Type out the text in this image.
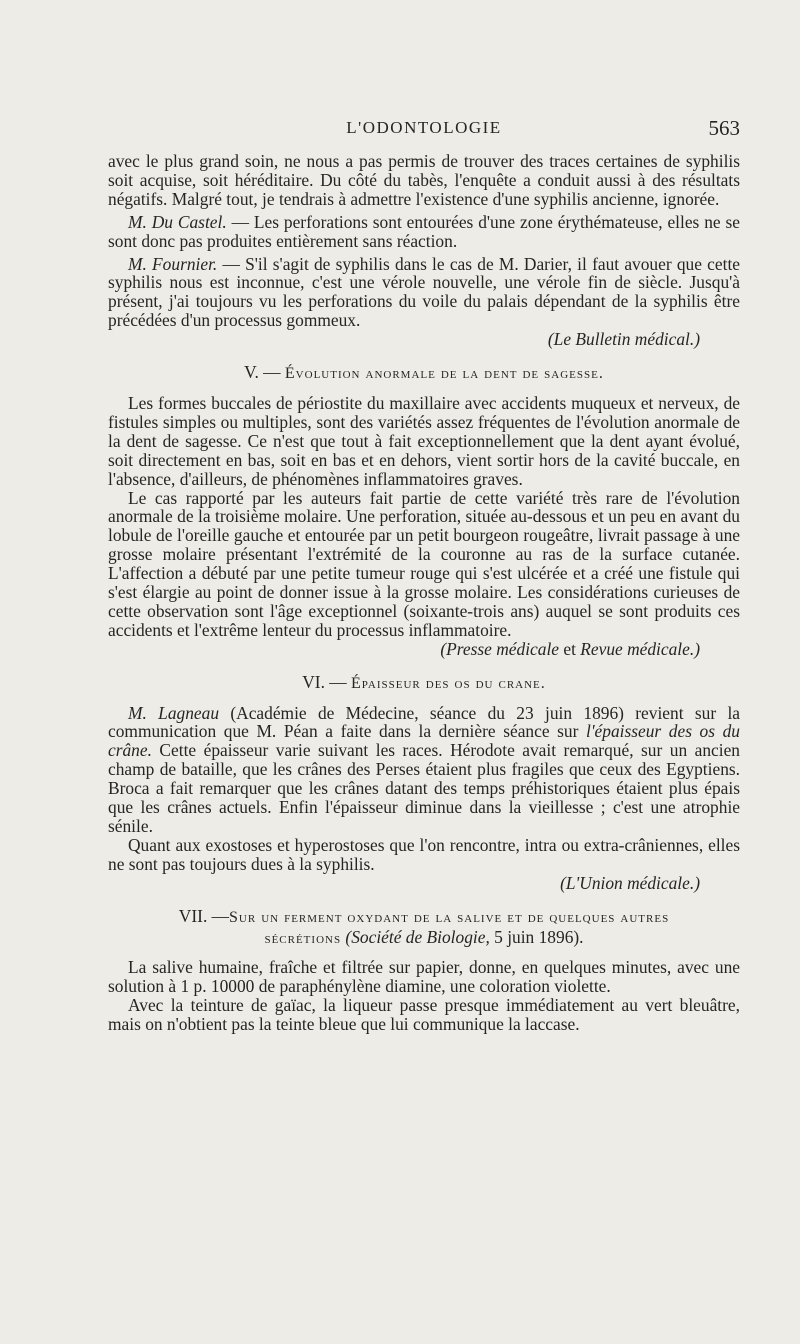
L'ODONTOLOGIE	563

avec le plus grand soin, ne nous a pas permis de trouver des traces certaines de syphilis soit acquise, soit héréditaire. Du côté du tabès, l'enquête a conduit aussi à des résultats négatifs. Malgré tout, je tendrais à admettre l'existence d'une syphilis ancienne, ignorée.

M. Du Castel. — Les perforations sont entourées d'une zone érythémateuse, elles ne se sont donc pas produites entièrement sans réaction.

M. Fournier. — S'il s'agit de syphilis dans le cas de M. Darier, il faut avouer que cette syphilis nous est inconnue, c'est une vérole nouvelle, une vérole fin de siècle. Jusqu'à présent, j'ai toujours vu les perforations du voile du palais dépendant de la syphilis être précédées d'un processus gommeux.

(Le Bulletin médical.)

V. — Évolution anormale de la dent de sagesse.

Les formes buccales de périostite du maxillaire avec accidents muqueux et nerveux, de fistules simples ou multiples, sont des variétés assez fréquentes de l'évolution anormale de la dent de sagesse. Ce n'est que tout à fait exceptionnellement que la dent ayant évolué, soit directement en bas, soit en bas et en dehors, vient sortir hors de la cavité buccale, en l'absence, d'ailleurs, de phénomènes inflammatoires graves.

Le cas rapporté par les auteurs fait partie de cette variété très rare de l'évolution anormale de la troisième molaire. Une perforation, située au-dessous et un peu en avant du lobule de l'oreille gauche et entourée par un petit bourgeon rougeâtre, livrait passage à une grosse molaire présentant l'extrémité de la couronne au ras de la surface cutanée. L'affection a débuté par une petite tumeur rouge qui s'est ulcérée et a créé une fistule qui s'est élargie au point de donner issue à la grosse molaire. Les considérations curieuses de cette observation sont l'âge exceptionnel (soixante-trois ans) auquel se sont produits ces accidents et l'extrême lenteur du processus inflammatoire.

(Presse médicale et Revue médicale.)

VI. — Épaisseur des os du crane.

M. Lagneau (Académie de Médecine, séance du 23 juin 1896) revient sur la communication que M. Péan a faite dans la dernière séance sur l'épaisseur des os du crâne. Cette épaisseur varie suivant les races. Hérodote avait remarqué, sur un ancien champ de bataille, que les crânes des Perses étaient plus fragiles que ceux des Egyptiens. Broca a fait remarquer que les crânes datant des temps préhistoriques étaient plus épais que les crânes actuels. Enfin l'épaisseur diminue dans la vieillesse ; c'est une atrophie sénile.

Quant aux exostoses et hyperostoses que l'on rencontre, intra ou extra-crâniennes, elles ne sont pas toujours dues à la syphilis.

(L'Union médicale.)

VII. —Sur un ferment oxydant de la salive et de quelques autres
sécrétions (Société de Biologie, 5 juin 1896).

La salive humaine, fraîche et filtrée sur papier, donne, en quelques minutes, avec une solution à 1 p. 10000 de paraphénylène diamine, une coloration violette.

Avec la teinture de gaïac, la liqueur passe presque immédiatement au vert bleuâtre, mais on n'obtient pas la teinte bleue que lui communique la laccase.
